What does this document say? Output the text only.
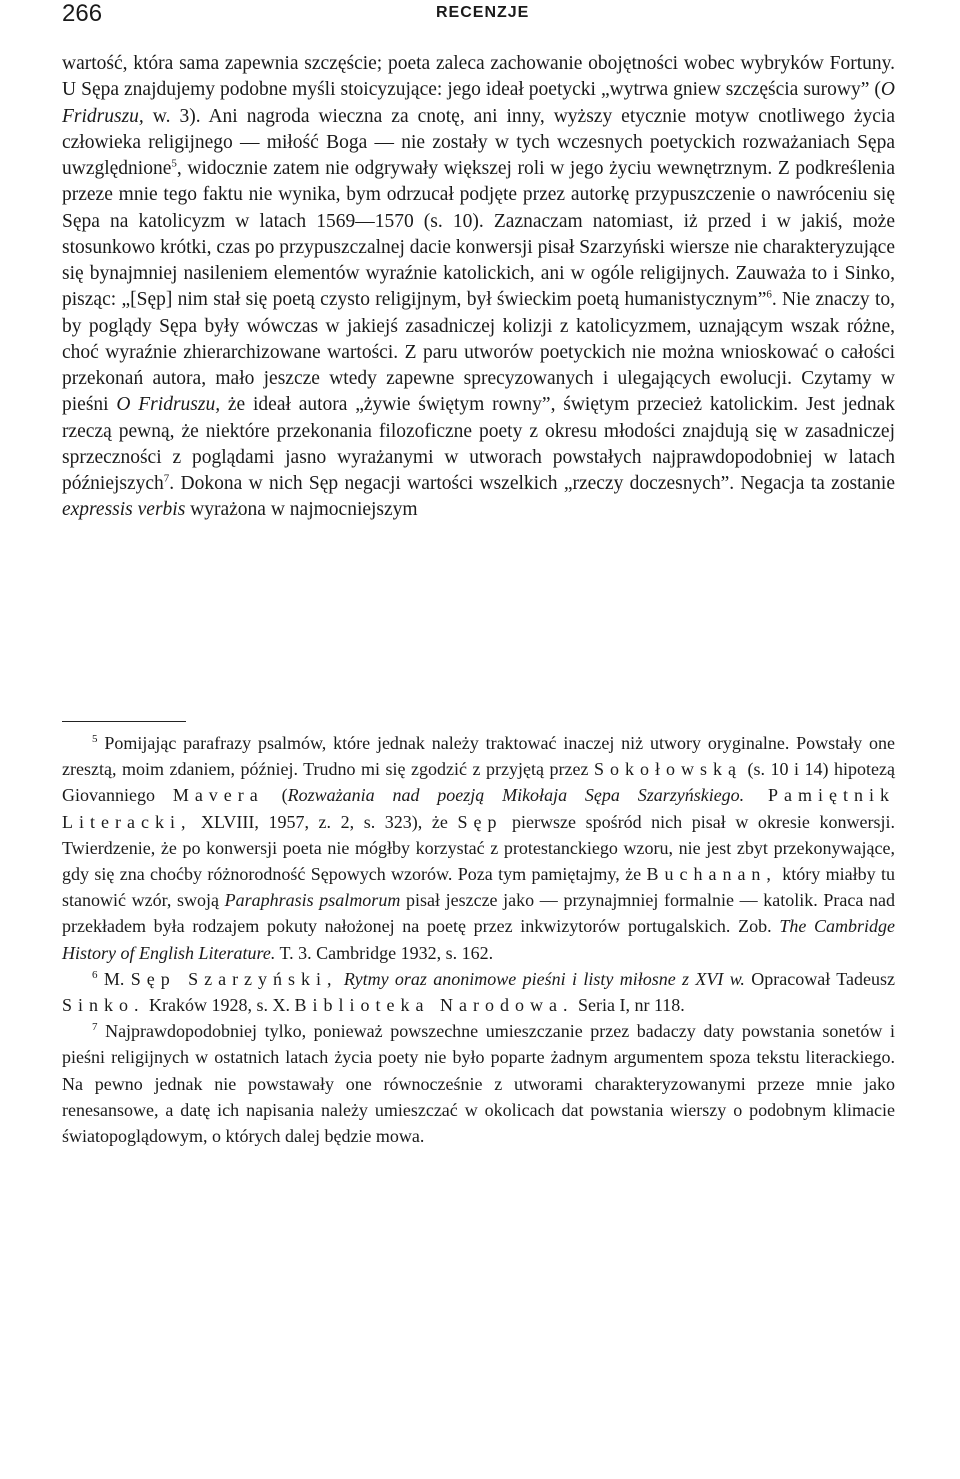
266	RECENZJE

wartość, która sama zapewnia szczęście; poeta zaleca zachowanie obojętności wobec wybryków Fortuny. U Sępa znajdujemy podobne myśli stoicyzujące: jego ideał poetycki „wytrwa gniew szczęścia surowy” (O Fridruszu, w. 3). Ani nagroda wieczna za cnotę, ani inny, wyższy etycznie motyw cnotliwego życia człowieka religijnego — miłość Boga — nie zostały w tych wczesnych poetyckich rozważaniach Sępa uwzględnione$^5$, widocznie zatem nie odgrywały większej roli w jego życiu wewnętrznym. Z podkreślenia przeze mnie tego faktu nie wynika, bym odrzucał podjęte przez autorkę przypuszczenie o nawróceniu się Sępa na katolicyzm w latach 1569—1570 (s. 10). Zaznaczam natomiast, iż przed i w jakiś, może stosunkowo krótki, czas po przypuszczalnej dacie konwersji pisał Szarzyński wiersze nie charakteryzujące się bynajmniej nasileniem elementów wyraźnie katolickich, ani w ogóle religijnych. Zauważa to i Sinko, pisząc: „[Sęp] nim stał się poetą czysto religijnym, był świeckim poetą humanistycznym”$^6$. Nie znaczy to, by poglądy Sępa były wówczas w jakiejś zasadniczej kolizji z katolicyzmem, uznającym wszak różne, choć wyraźnie zhierarchizowane wartości. Z paru utworów poetyckich nie można wnioskować o całości przekonań autora, mało jeszcze wtedy zapewne sprecyzowanych i ulegających ewolucji. Czytamy w pieśni O Fridruszu, że ideał autora „żywie świętym rowny”, świętym przecież katolickim. Jest jednak rzeczą pewną, że niektóre przekonania filozoficzne poety z okresu młodości znajdują się w zasadniczej sprzeczności z poglądami jasno wyrażanymi w utworach powstałych najprawdopodobniej w latach późniejszych$^7$. Dokona w nich Sęp negacji wartości wszelkich „rzeczy doczesnych”. Negacja ta zostanie expressis verbis wyrażona w najmocniejszym

$^5$ Pomijając parafrazy psalmów, które jednak należy traktować inaczej niż utwory oryginalne. Powstały one zresztą, moim zdaniem, później. Trudno mi się zgodzić z przyjętą przez Sokołowską (s. 10 i 14) hipotezą Giovanniego Mavera (Rozważania nad poezją Mikołaja Sępa Szarzyńskiego. Pamiętnik Literacki, XLVIII, 1957, z. 2, s. 323), że Sęp pierwsze spośród nich pisał w okresie konwersji. Twierdzenie, że po konwersji poeta nie mógłby korzystać z protestanckiego wzoru, nie jest zbyt przekonywające, gdy się zna choćby różnorodność Sępowych wzorów. Poza tym pamiętajmy, że Buchanan, który miałby tu stanowić wzór, swoją Paraphrasis psalmorum pisał jeszcze jako — przynajmniej formalnie — katolik. Praca nad przekładem była rodzajem pokuty nałożonej na poetę przez inkwizytorów portugalskich. Zob. The Cambridge History of English Literature. T. 3. Cambridge 1932, s. 162.

$^6$ M. Sęp Szarzyński, Rytmy oraz anonimowe pieśni i listy miłosne z XVI w. Opracował Tadeusz Sinko. Kraków 1928, s. X. Biblioteka Narodowa. Seria I, nr 118.

$^7$ Najprawdopodobniej tylko, ponieważ powszechne umieszczanie przez badaczy daty powstania sonetów i pieśni religijnych w ostatnich latach życia poety nie było poparte żadnym argumentem spoza tekstu literackiego. Na pewno jednak nie powstawały one równocześnie z utworami charakteryzowanymi przeze mnie jako renesansowe, a datę ich napisania należy umieszczać w okolicach dat powstania wierszy o podobnym klimacie światopoglądowym, o których dalej będzie mowa.
